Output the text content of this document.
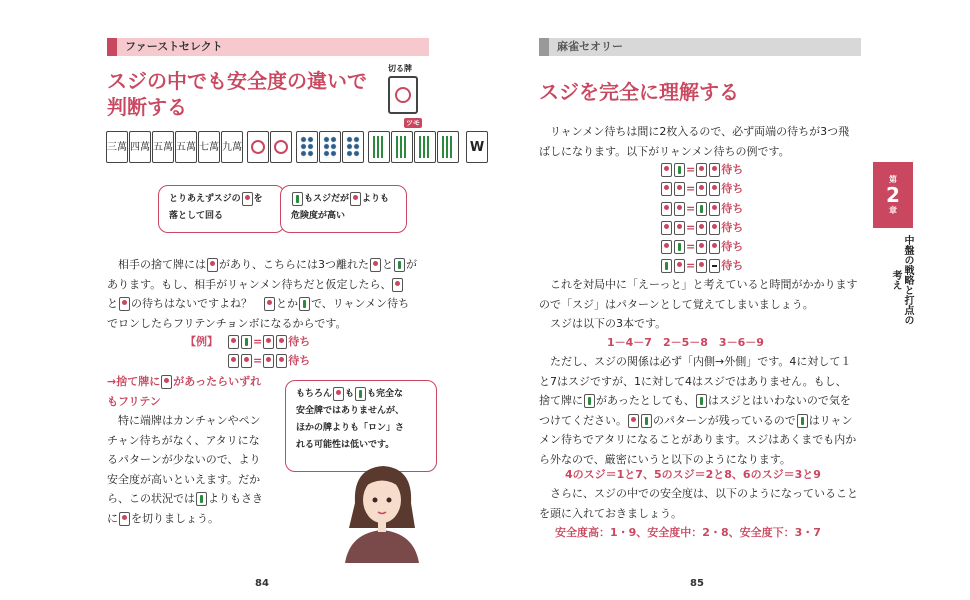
ファーストセレクト
スジの中でも安全度の違いで
判断する
切る牌
ツモ
三萬 四萬 五萬 五萬 七萬 九萬	W
とりあえずスジの を
落として回る
もスジだが よりも
危険度が高い
相手の捨て牌には があり、こちらには3つ離れた と が
あります。もし、相手がリャンメン待ちだと仮定したら、
と の待ちはないですよね？　 とか で、リャンメン待ち
でロンしたらフリテンチョンボになるからです。
【例】　	= 待ち
= 待ち
→捨て牌に があったらいずれ
もフリテン
特に端牌はカンチャンやペン
チャン待ちがなく、アタリにな
るパターンが少ないので、より
安全度が高いといえます。だか
ら、この状況では よりもさき
に を切りましょう。
もちろん も も完全な
安全牌ではありませんが、
ほかの牌よりも「ロン」さ
れる可能性は低いです。
84
麻雀セオリー
スジを完全に理解する
リャンメン待ちは間に2枚入るので、必ず両端の待ちが3つ飛
ばしになります。以下がリャンメン待ちの例です。
= 待ち
= 待ち
= 待ち
= 待ち
= 待ち
= 待ち
これを対局中に「えーっと」と考えていると時間がかかります
ので「スジ」はパターンとして覚えてしまいましょう。
スジは以下の3本です。
1－4－7　2－5－8　3－6－9
ただし、スジの関係は必ず「内側→外側」です。4に対して１
と7はスジですが、1に対して4はスジではありません。もし、
捨て牌に があったとしても、 はスジとはいわないので気を
つけてください。 のパターンが残っているので はリャン
メン待ちでアタリになることがあります。スジはあくまでも内か
ら外なので、厳密にいうと以下のようになります。
4のスジ＝1と7、5のスジ＝2と8、6のスジ＝3と9
さらに、スジの中での安全度は、以下のようになっていること
を頭に入れておきましょう。
安全度高：1・9、安全度中：2・8、安全度下：3・7
85
第
2
章
中盤の戦略と打点の考え
